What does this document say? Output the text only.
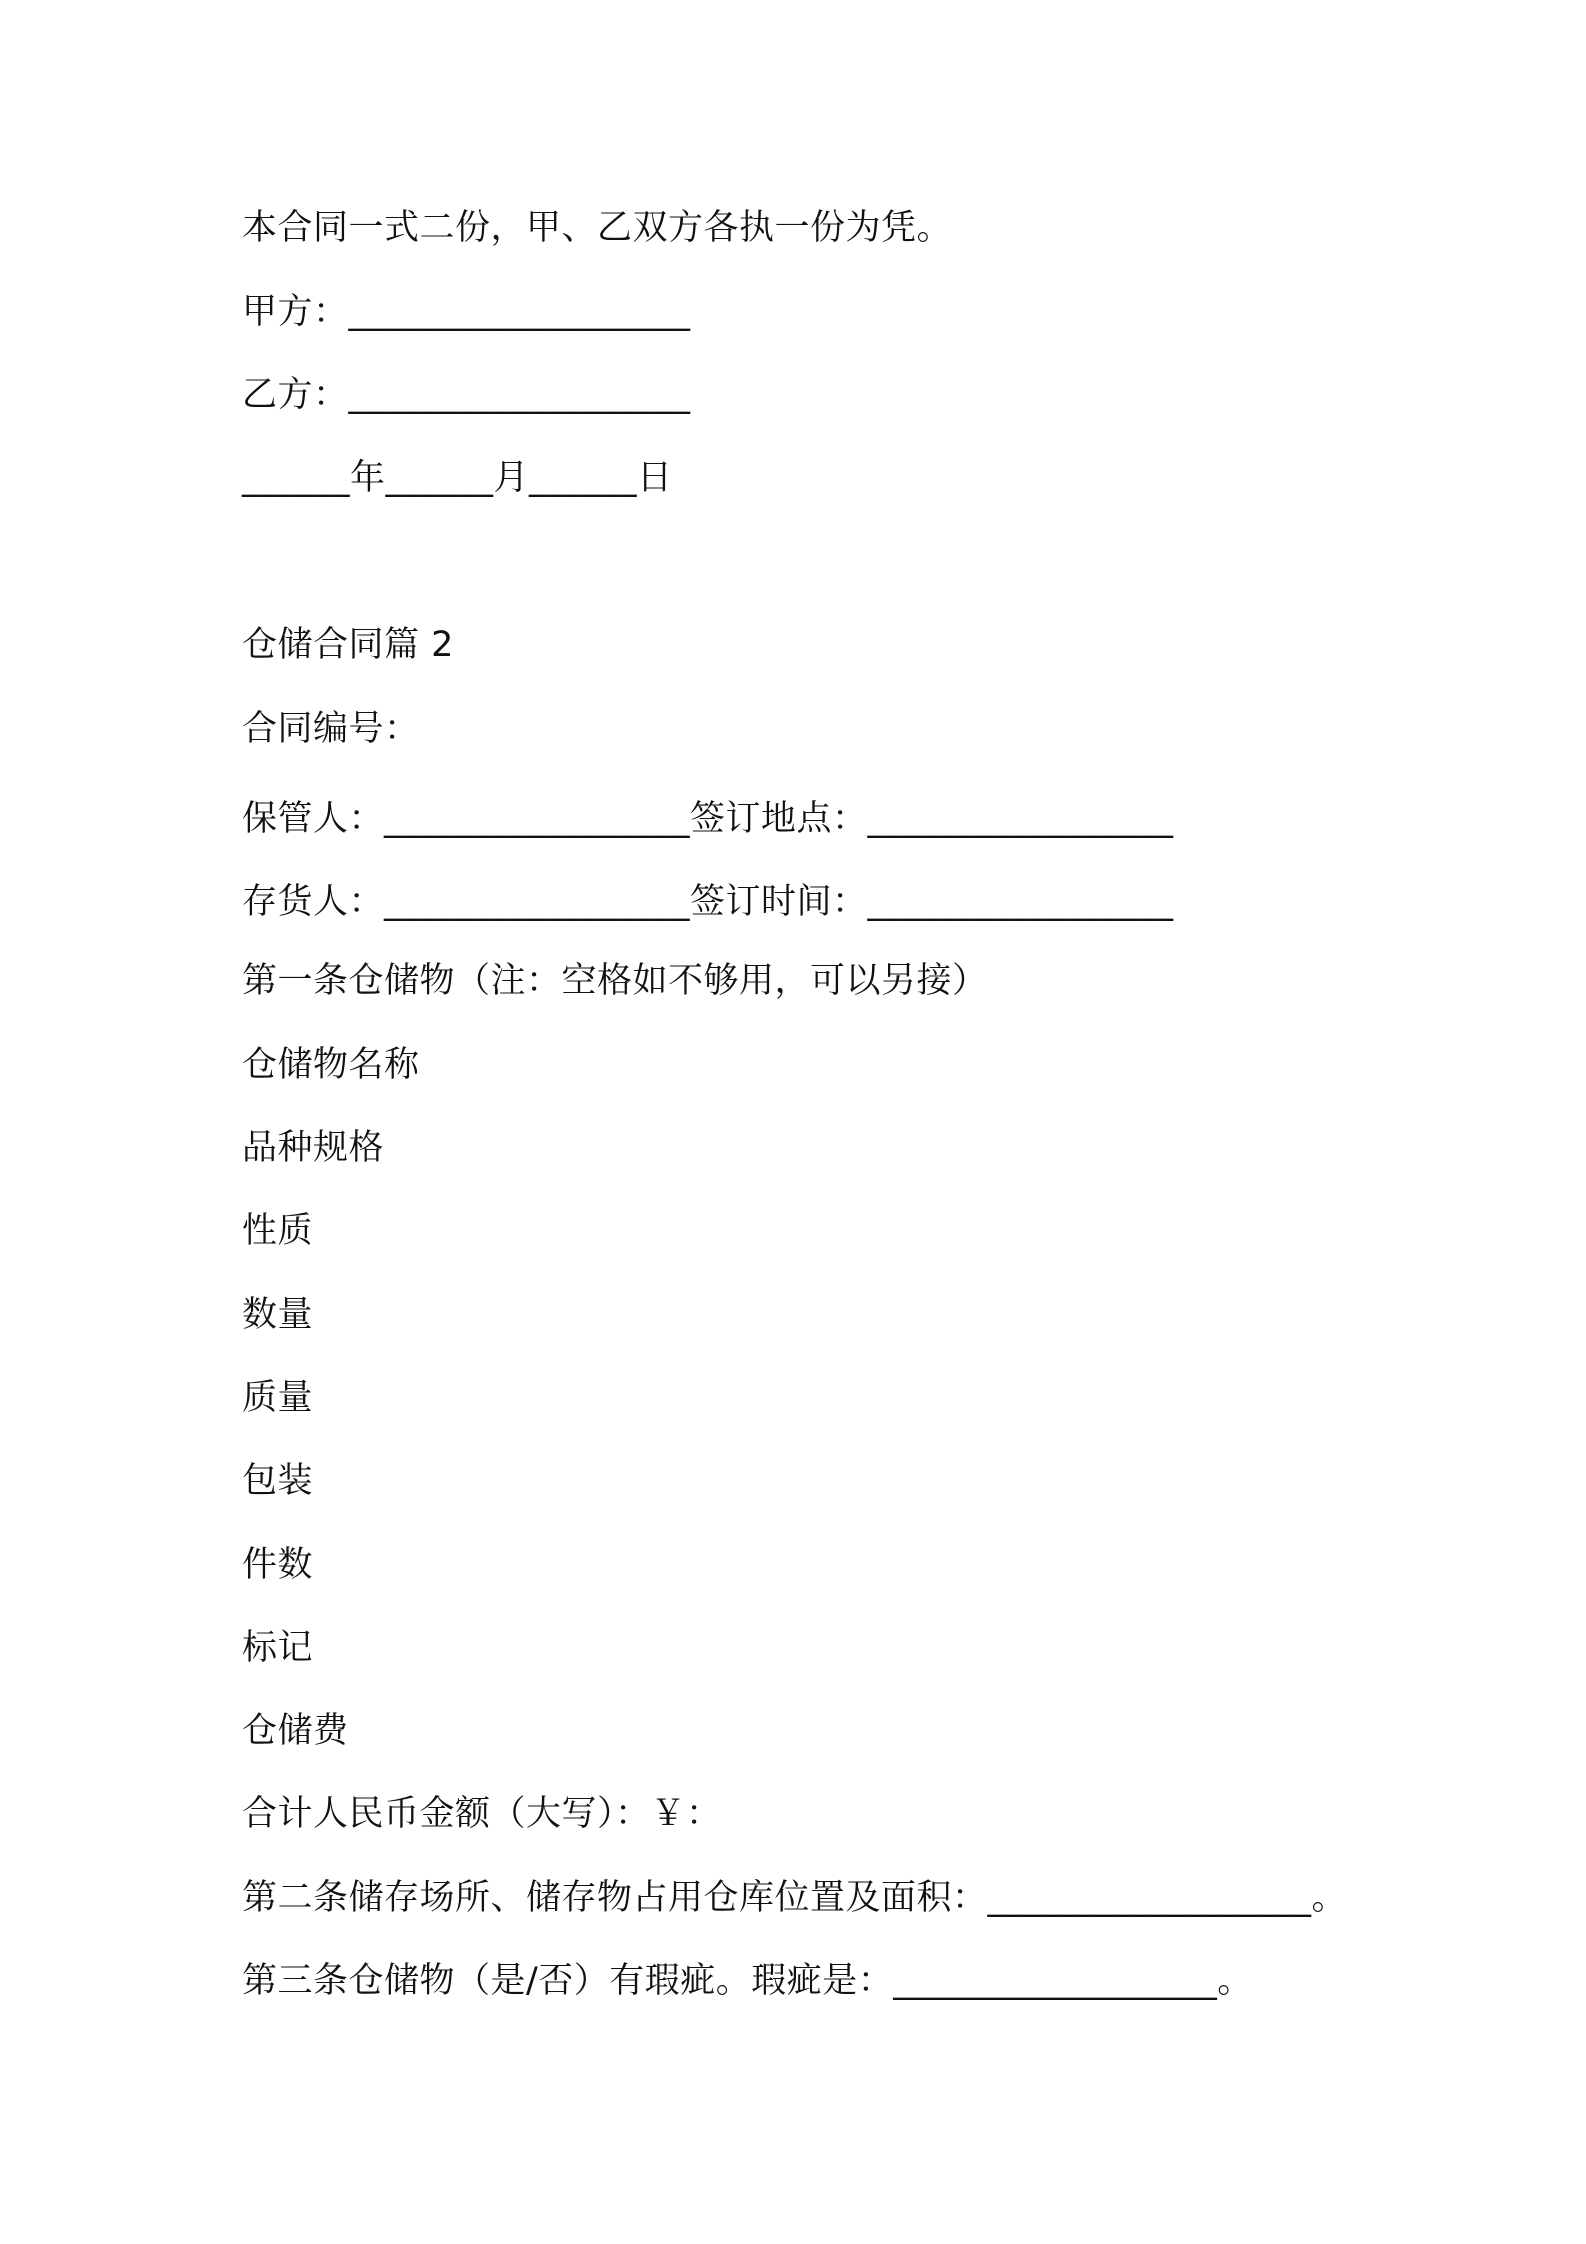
本合同一式二份，甲、乙双方各执一份为凭。
甲方：___________________
乙方：___________________
______年______月______日
仓储合同篇 2
合同编号：
保管人：_________________签订地点：_________________
存货人：_________________签订时间：_________________
第一条仓储物（注：空格如不够用，可以另接）
仓储物名称
品种规格
性质
数量
质量
包装
件数
标记
仓储费
合计人民币金额（大写）：￥：
第二条储存场所、储存物占用仓库位置及面积：__________________。
第三条仓储物（是/否）有瑕疵。瑕疵是：__________________。
